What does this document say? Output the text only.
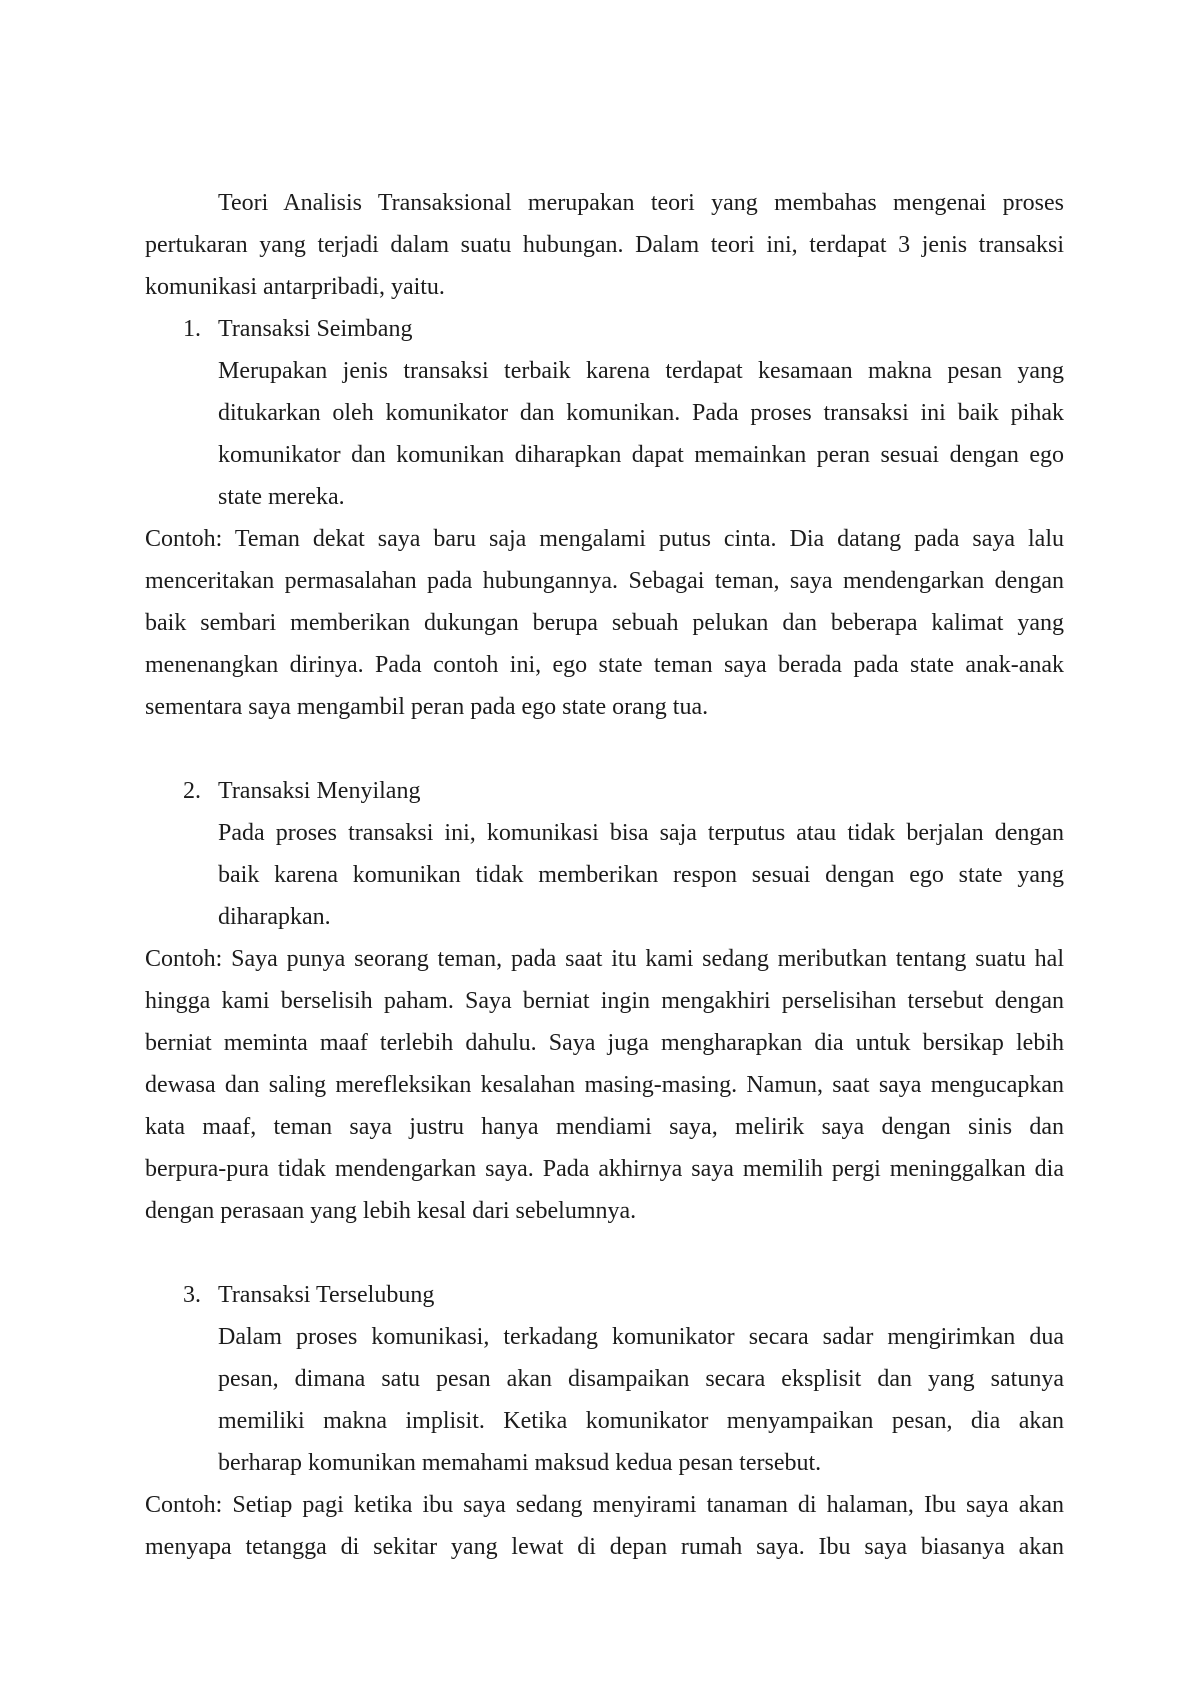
Teori Analisis Transaksional merupakan teori yang membahas mengenai proses
pertukaran yang terjadi dalam suatu hubungan. Dalam teori ini, terdapat 3 jenis transaksi
komunikasi antarpribadi, yaitu.
1. Transaksi Seimbang
Merupakan jenis transaksi terbaik karena terdapat kesamaan makna pesan yang
ditukarkan oleh komunikator dan komunikan. Pada proses transaksi ini baik pihak
komunikator dan komunikan diharapkan dapat memainkan peran sesuai dengan ego
state mereka.
Contoh: Teman dekat saya baru saja mengalami putus cinta. Dia datang pada saya lalu
menceritakan permasalahan pada hubungannya. Sebagai teman, saya mendengarkan dengan
baik sembari memberikan dukungan berupa sebuah pelukan dan beberapa kalimat yang
menenangkan dirinya. Pada contoh ini, ego state teman saya berada pada state anak-anak
sementara saya mengambil peran pada ego state orang tua.
2. Transaksi Menyilang
Pada proses transaksi ini, komunikasi bisa saja terputus atau tidak berjalan dengan
baik karena komunikan tidak memberikan respon sesuai dengan ego state yang
diharapkan.
Contoh: Saya punya seorang teman, pada saat itu kami sedang meributkan tentang suatu hal
hingga kami berselisih paham. Saya berniat ingin mengakhiri perselisihan tersebut dengan
berniat meminta maaf terlebih dahulu. Saya juga mengharapkan dia untuk bersikap lebih
dewasa dan saling merefleksikan kesalahan masing-masing. Namun, saat saya mengucapkan
kata maaf, teman saya justru hanya mendiami saya, melirik saya dengan sinis dan
berpura-pura tidak mendengarkan saya. Pada akhirnya saya memilih pergi meninggalkan dia
dengan perasaan yang lebih kesal dari sebelumnya.
3. Transaksi Terselubung
Dalam proses komunikasi, terkadang komunikator secara sadar mengirimkan dua
pesan, dimana satu pesan akan disampaikan secara eksplisit dan yang satunya
memiliki makna implisit. Ketika komunikator menyampaikan pesan, dia akan
berharap komunikan memahami maksud kedua pesan tersebut.
Contoh: Setiap pagi ketika ibu saya sedang menyirami tanaman di halaman, Ibu saya akan
menyapa tetangga di sekitar yang lewat di depan rumah saya. Ibu saya biasanya akan
